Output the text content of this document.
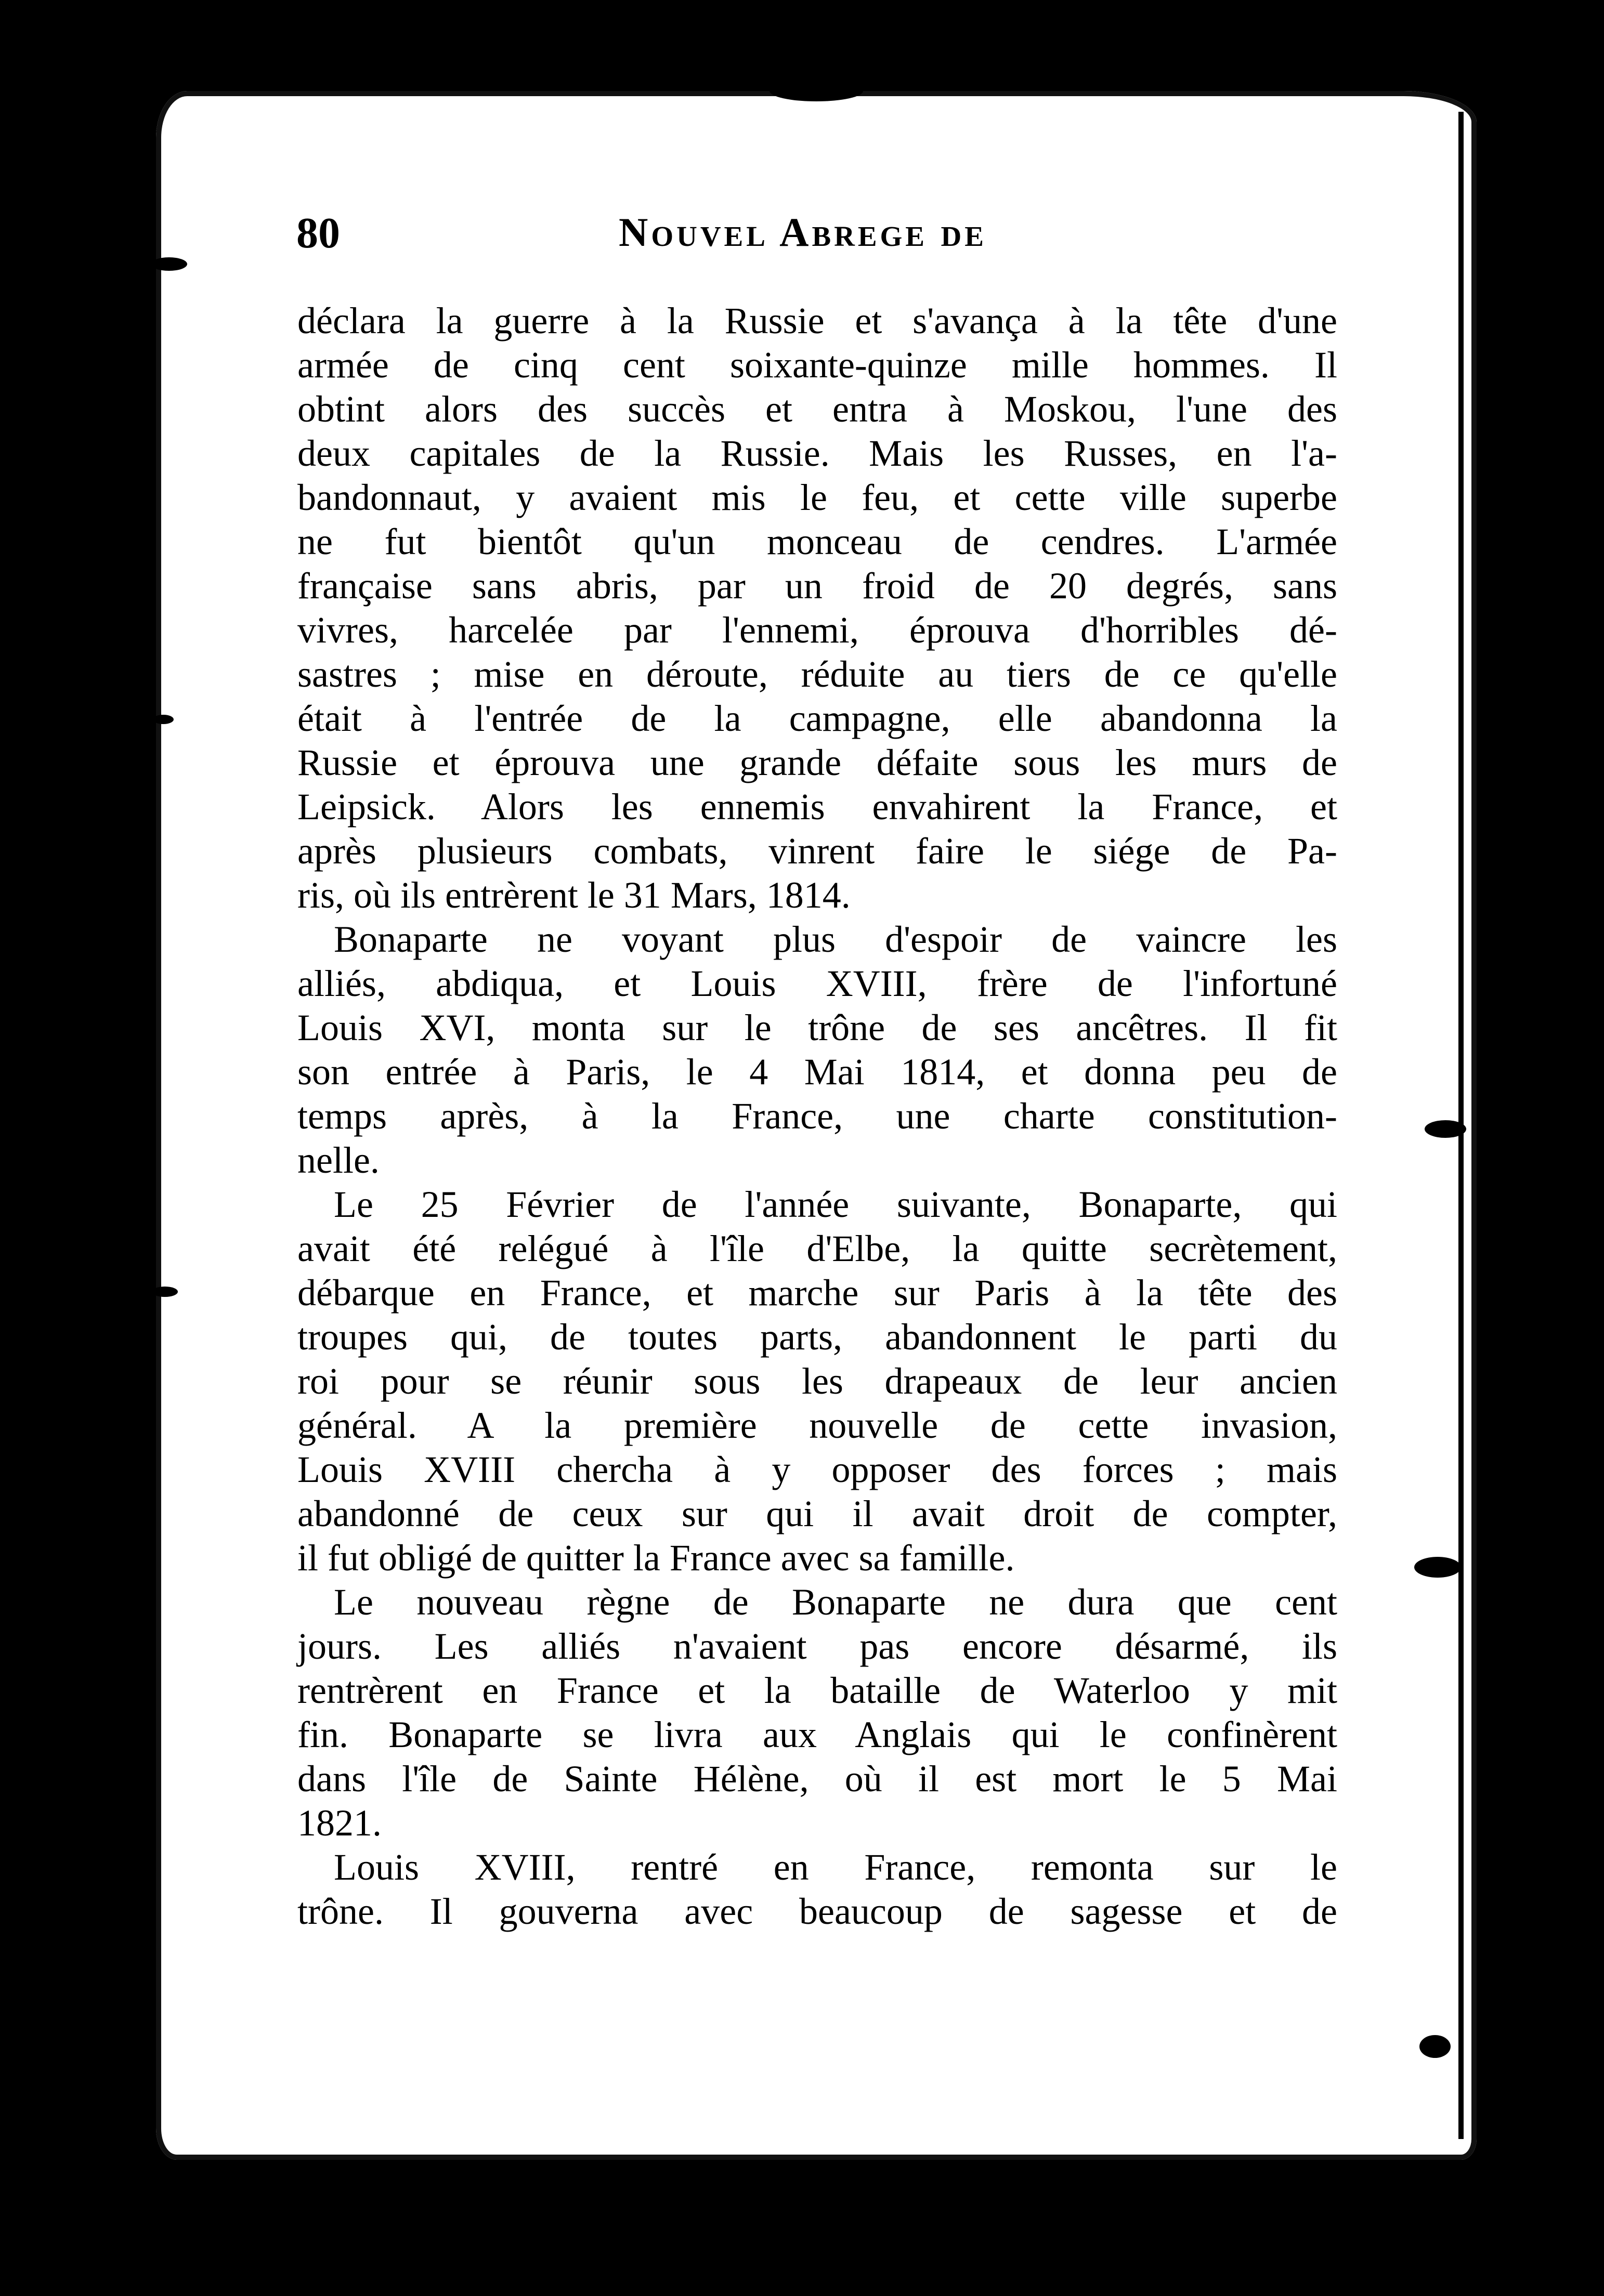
80	Nouvel Abrege de
déclara la guerre à la Russie et s'avança à la tête d'une
armée de cinq cent soixante-quinze mille hommes. Il
obtint alors des succès et entra à Moskou, l'une des
deux capitales de la Russie. Mais les Russes, en l'a-
bandonnaut, y avaient mis le feu, et cette ville superbe
ne fut bientôt qu'un monceau de cendres. L'armée
française sans abris, par un froid de 20 degrés, sans
vivres, harcelée par l'ennemi, éprouva d'horribles dé-
sastres ; mise en déroute, réduite au tiers de ce qu'elle
était à l'entrée de la campagne, elle abandonna la
Russie et éprouva une grande défaite sous les murs de
Leipsick. Alors les ennemis envahirent la France, et
après plusieurs combats, vinrent faire le siége de Pa-
ris, où ils entrèrent le 31 Mars, 1814.
Bonaparte ne voyant plus d'espoir de vaincre les
alliés, abdiqua, et Louis XVIII, frère de l'infortuné
Louis XVI, monta sur le trône de ses ancêtres. Il fit
son entrée à Paris, le 4 Mai 1814, et donna peu de
temps après, à la France, une charte constitution-
nelle.
Le 25 Février de l'année suivante, Bonaparte, qui
avait été relégué à l'île d'Elbe, la quitte secrètement,
débarque en France, et marche sur Paris à la tête des
troupes qui, de toutes parts, abandonnent le parti du
roi pour se réunir sous les drapeaux de leur ancien
général. A la première nouvelle de cette invasion,
Louis XVIII chercha à y opposer des forces ; mais
abandonné de ceux sur qui il avait droit de compter,
il fut obligé de quitter la France avec sa famille.
Le nouveau règne de Bonaparte ne dura que cent
jours. Les alliés n'avaient pas encore désarmé, ils
rentrèrent en France et la bataille de Waterloo y mit
fin. Bonaparte se livra aux Anglais qui le confinèrent
dans l'île de Sainte Hélène, où il est mort le 5 Mai
1821.
Louis XVIII, rentré en France, remonta sur le
trône. Il gouverna avec beaucoup de sagesse et de
